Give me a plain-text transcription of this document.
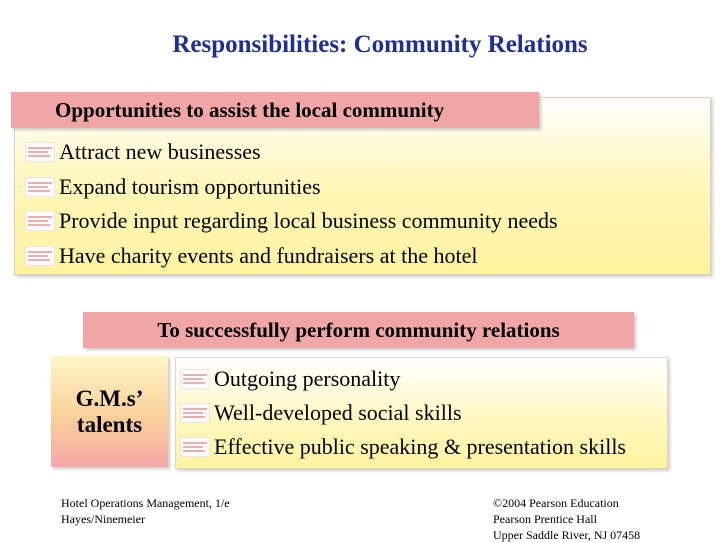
Responsibilities: Community Relations
Opportunities to assist the local community
Attract new businesses
Expand tourism opportunities
Provide input regarding local business community needs
Have charity events and fundraisers at the hotel
To successfully perform community relations
G.M.s’ talents
Outgoing personality
Well-developed social skills
Effective public speaking & presentation skills
Hotel Operations Management, 1/e
Hayes/Ninemeier
©2004 Pearson Education
Pearson Prentice Hall
Upper Saddle River, NJ 07458
